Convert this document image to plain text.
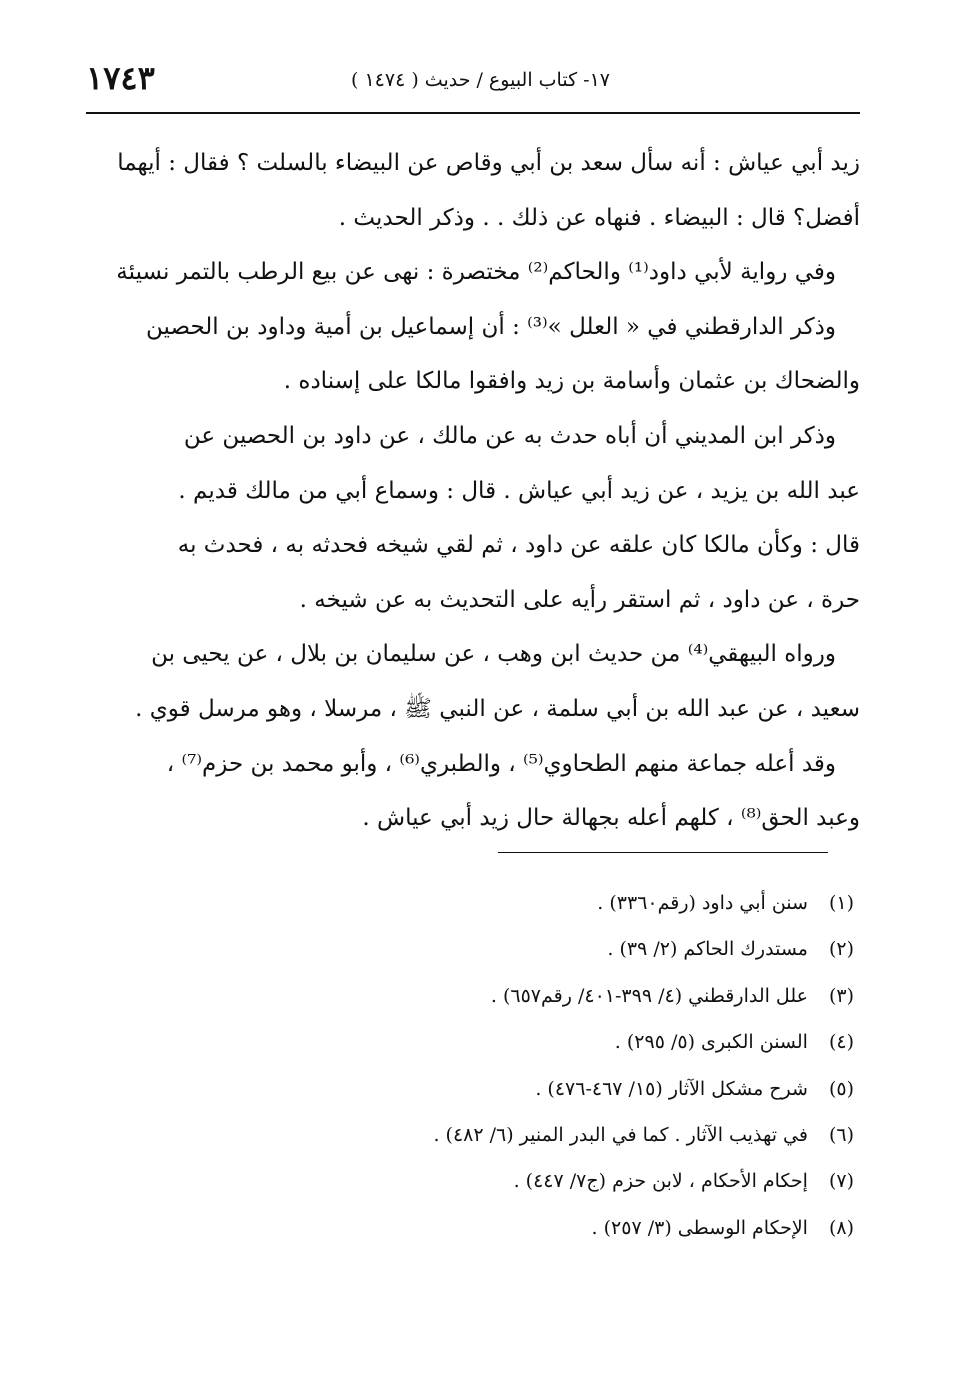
١٧٤٣	١٧- كتاب البيوع / حديث ( ١٤٧٤ )
زيد أبي عياش : أنه سأل سعد بن أبي وقاص عن البيضاء بالسلت ؟ فقال : أيهما
أفضل؟ قال : البيضاء . فنهاه عن ذلك . . وذكر الحديث .
وفي رواية لأبي داود⁽¹⁾ والحاكم⁽²⁾ مختصرة : نهى عن بيع الرطب بالتمر نسيئة
وذكر الدارقطني في « العلل »⁽³⁾ : أن إسماعيل بن أمية وداود بن الحصين
والضحاك بن عثمان وأسامة بن زيد وافقوا مالكا على إسناده .
وذكر ابن المديني أن أباه حدث به عن مالك ، عن داود بن الحصين عن
عبد الله بن يزيد ، عن زيد أبي عياش . قال : وسماع أبي من مالك قديم .
قال : وكأن مالكا كان علقه عن داود ، ثم لقي شيخه فحدثه به ، فحدث به
حرة ، عن داود ، ثم استقر رأيه على التحديث به عن شيخه .
ورواه البيهقي⁽⁴⁾ من حديث ابن وهب ، عن سليمان بن بلال ، عن يحيى بن
سعيد ، عن عبد الله بن أبي سلمة ، عن النبي ﷺ ، مرسلا ، وهو مرسل قوي .
وقد أعله جماعة منهم الطحاوي⁽⁵⁾ ، والطبري⁽⁶⁾ ، وأبو محمد بن حزم⁽⁷⁾ ،
وعبد الحق⁽⁸⁾ ، كلهم أعله بجهالة حال زيد أبي عياش .
(١) سنن أبي داود (رقم٣٣٦٠) .
(٢) مستدرك الحاكم (٢/ ٣٩) .
(٣) علل الدارقطني (٤/ ٣٩٩-٤٠١/ رقم٦٥٧) .
(٤) السنن الكبرى (٥/ ٢٩٥) .
(٥) شرح مشكل الآثار (١٥/ ٤٦٧-٤٧٦) .
(٦) في تهذيب الآثار . كما في البدر المنير (٦/ ٤٨٢) .
(٧) إحكام الأحكام ، لابن حزم (ج٧/ ٤٤٧) .
(٨) الإحكام الوسطى (٣/ ٢٥٧) .
